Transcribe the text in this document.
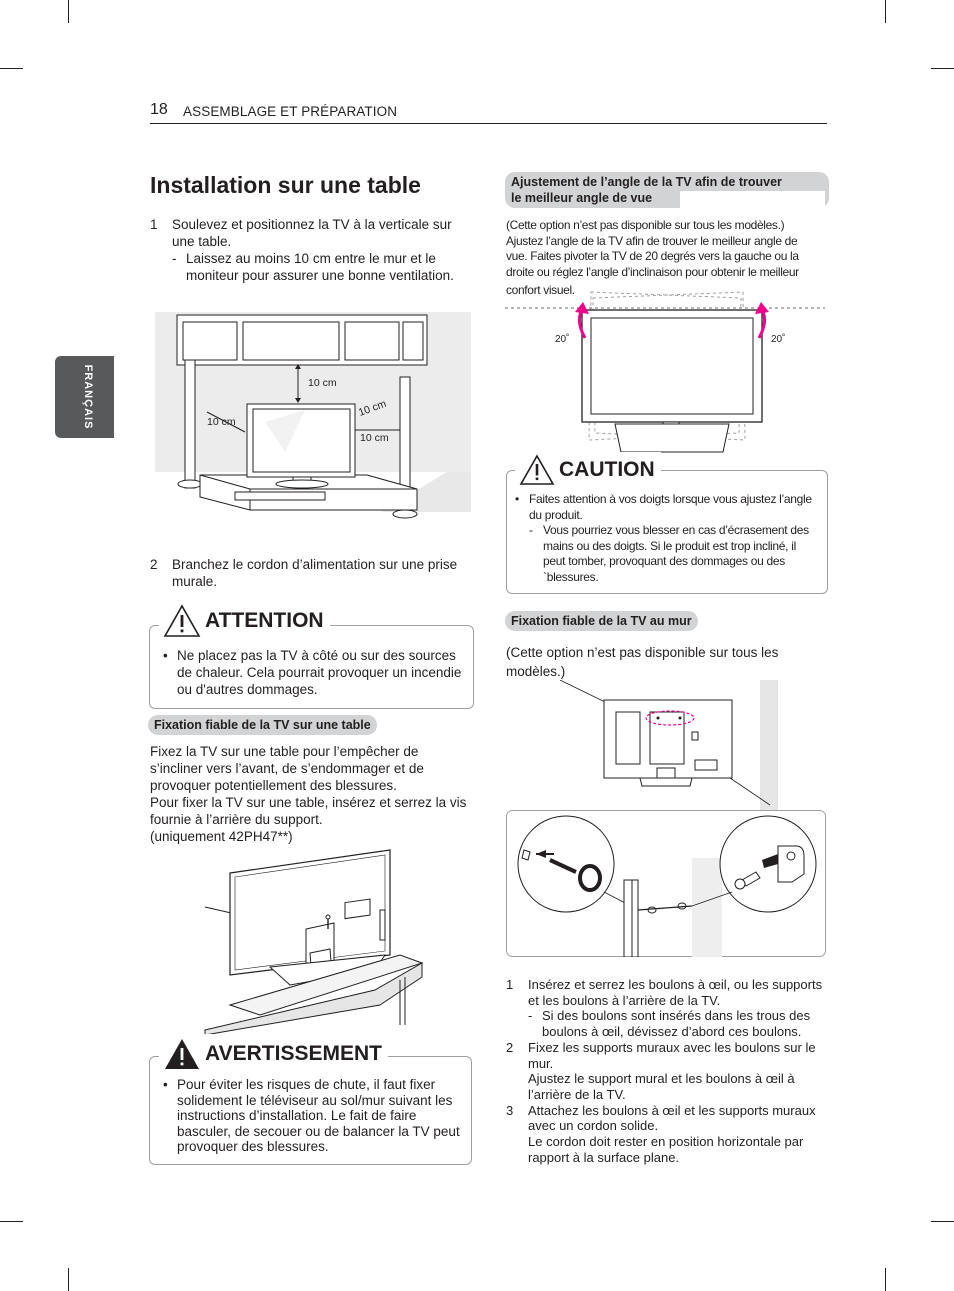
18 ASSEMBLAGE ET PRÉPARATION
FRANÇAIS
Installation sur une table
1 Soulevez et positionnez la TV à la verticale sur une table.
- Laissez au moins 10 cm entre le mur et le moniteur pour assurer une bonne ventilation.
10 cm
10 cm
10 cm
10 cm
2 Branchez le cordon d’alimentation sur une prise murale.
ATTENTION
• Ne placez pas la TV à côté ou sur des sources de chaleur. Cela pourrait provoquer un incendie ou d'autres dommages.
Fixation fiable de la TV sur une table
Fixez la TV sur une table pour l’empêcher de s’incliner vers l’avant, de s’endommager et de provoquer potentiellement des blessures.
Pour fixer la TV sur une table, insérez et serrez la vis fournie à l’arrière du support.
(uniquement 42PH47**)
AVERTISSEMENT
• Pour éviter les risques de chute, il faut fixer solidement le téléviseur au sol/mur suivant les instructions d’installation. Le fait de faire basculer, de secouer ou de balancer la TV peut provoquer des blessures.
Ajustement de l’angle de la TV afin de trouver
le meilleur angle de vue
(Cette option n’est pas disponible sur tous les modèles.)
Ajustez l’angle de la TV afin de trouver le meilleur angle de
vue. Faites pivoter la TV de 20 degrés vers la gauche ou la
droite ou réglez l’angle d’inclinaison pour obtenir le meilleur
confort visuel.
20˚	20˚
CAUTION
• Faites attention à vos doigts lorsque vous ajustez l’angle du produit.
- Vous pourriez vous blesser en cas d’écrasement des mains ou des doigts. Si le produit est trop incliné, il peut tomber, provoquant des dommages ou des `blessures.
Fixation fiable de la TV au mur
(Cette option n’est pas disponible sur tous les modèles.)
1 Insérez et serrez les boulons à œil, ou les supports et les boulons à l’arrière de la TV.
- Si des boulons sont insérés dans les trous des boulons à œil, dévissez d’abord ces boulons.
2 Fixez les supports muraux avec les boulons sur le mur.
Ajustez le support mural et les boulons à œil à l’arrière de la TV.
3 Attachez les boulons à œil et les supports muraux avec un cordon solide.
Le cordon doit rester en position horizontale par rapport à la surface plane.
